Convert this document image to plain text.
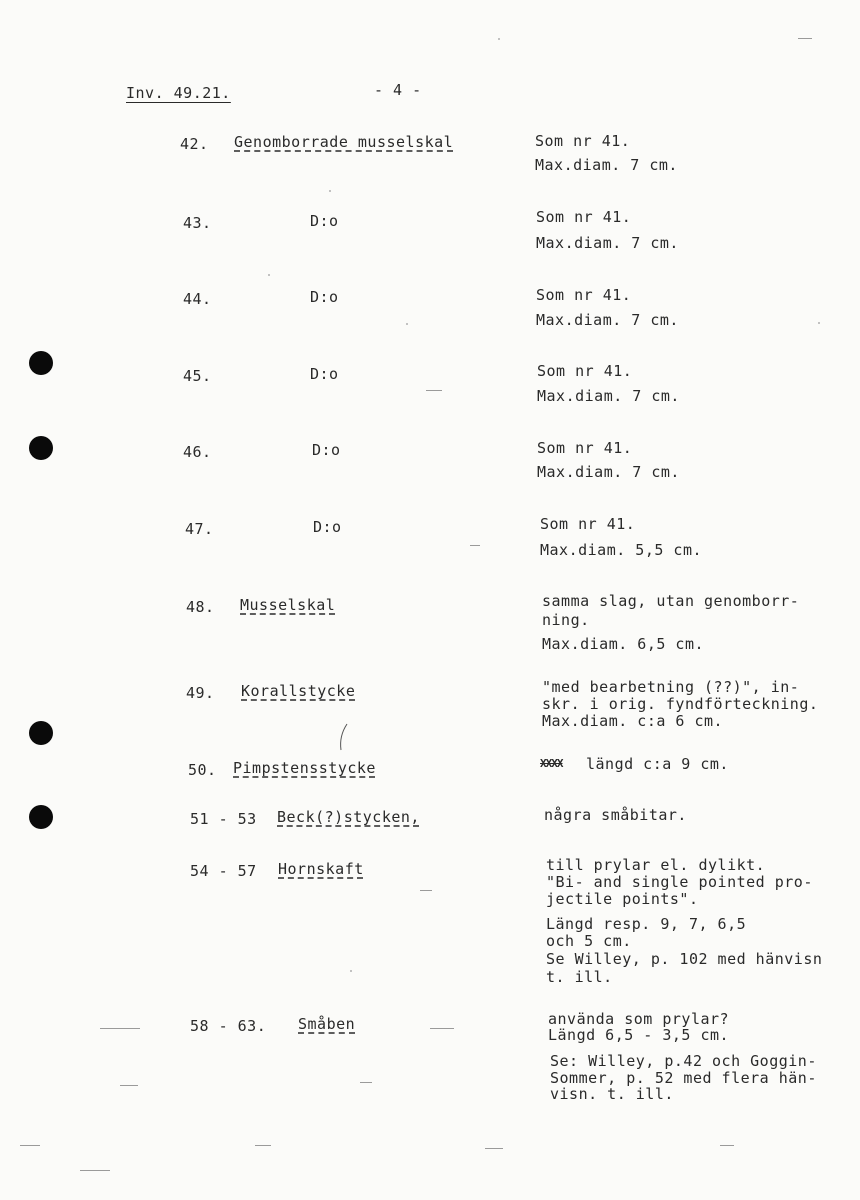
Inv. 49.21.	- 4 -
42. Genomborrade musselskal	Som nr 41.
Max.diam. 7 cm.
43.	D:o	Som nr 41.
Max.diam. 7 cm.
44.	D:o	Som nr 41.
Max.diam. 7 cm.
45.	D:o	Som nr 41.
Max.diam. 7 cm.
46.	D:o	Som nr 41.
Max.diam. 7 cm.
47.	D:o	Som nr 41.
Max.diam. 5,5 cm.
48. Musselskal	samma slag, utan genomborr-
ning.
Max.diam. 6,5 cm.
49. Korallstycke	"med bearbetning (??)", in-
skr. i orig. fyndförteckning.
Max.diam. c:a 6 cm.
50. Pimpstensstycke	XXXX längd c:a 9 cm.
51 - 53 Beck(?)stycken,	några småbitar.
54 - 57 Hornskaft	till prylar el. dylikt.
"Bi- and single pointed pro-
jectile points".
Längd resp. 9, 7, 6,5
och 5 cm.
Se Willey, p. 102 med hänvisn
t. ill.
58 - 63. Småben	använda som prylar?
Längd 6,5 - 3,5 cm.
Se: Willey, p.42 och Goggin-
Sommer, p. 52 med flera hän-
visn. t. ill.
